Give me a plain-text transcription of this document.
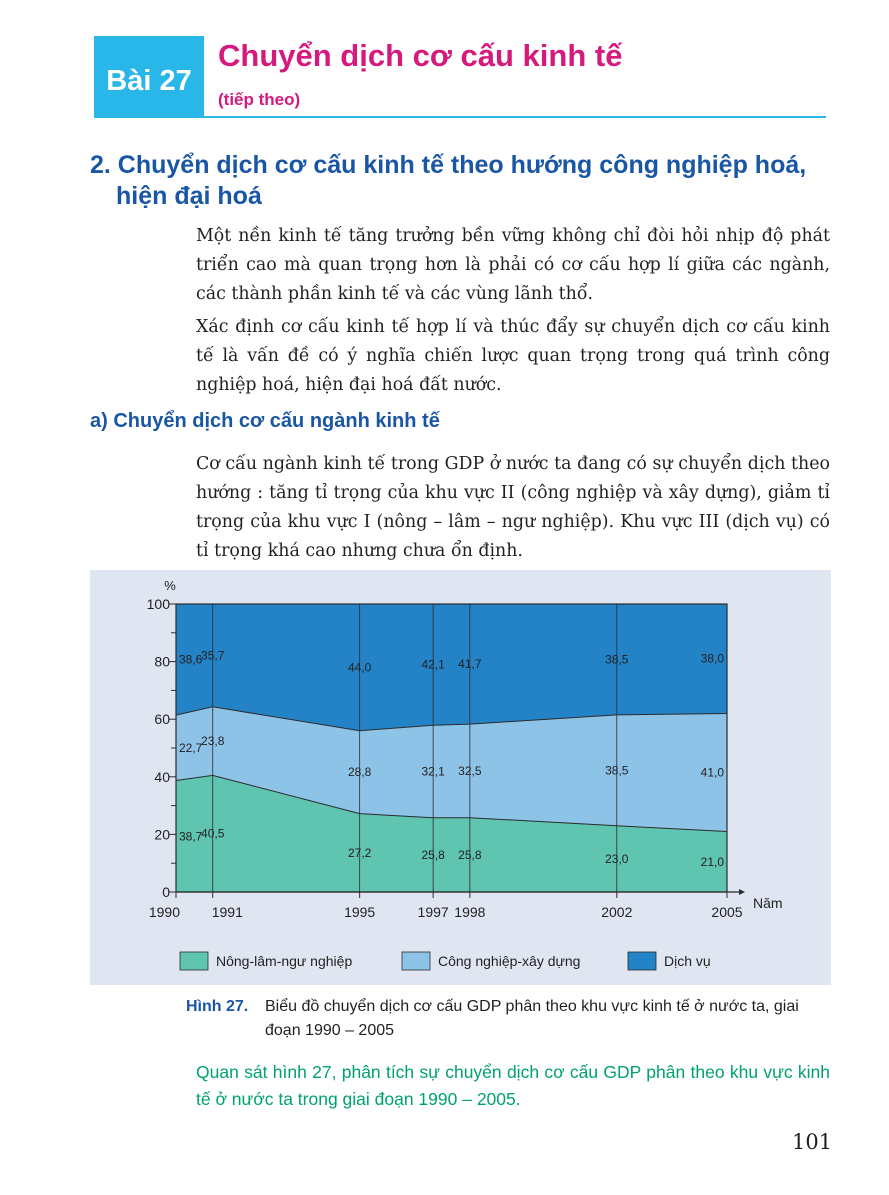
Bài 27
Chuyển dịch cơ cấu kinh tế
(tiếp theo)
2. Chuyển dịch cơ cấu kinh tế theo hướng công nghiệp hoá,
hiện đại hoá

Một nền kinh tế tăng trưởng bền vững không chỉ đòi hỏi nhịp độ phát triển cao mà quan trọng hơn là phải có cơ cấu hợp lí giữa các ngành, các thành phần kinh tế và các vùng lãnh thổ.

Xác định cơ cấu kinh tế hợp lí và thúc đẩy sự chuyển dịch cơ cấu kinh tế là vấn đề có ý nghĩa chiến lược quan trọng trong quá trình công nghiệp hoá, hiện đại hoá đất nước.

a) Chuyển dịch cơ cấu ngành kinh tế

Cơ cấu ngành kinh tế trong GDP ở nước ta đang có sự chuyển dịch theo hướng : tăng tỉ trọng của khu vực II (công nghiệp và xây dựng), giảm tỉ trọng của khu vực I (nông – lâm – ngư nghiệp). Khu vực III (dịch vụ) có tỉ trọng khá cao nhưng chưa ổn định.

0
20
40
60
80
100
%
Năm
1990 1991	1995	1997 1998	2002	2005
38,7
40,5
27,2	25,8 25,8	23,0	21,0
22,7
23,8
28,8	32,1 32,5	38,5	41,0
38,6
35,7
44,0	42,1 41,7	38,5	38,0
Nông-lâm-ngư nghiệp	Công nghiệp-xây dựng	Dịch vụ
Hình 27. Biểu đồ chuyển dịch cơ cấu GDP phân theo khu vực kinh tế ở nước ta, giai đoạn 1990 – 2005

Quan sát hình 27, phân tích sự chuyển dịch cơ cấu GDP phân theo khu vực kinh tế ở nước ta trong giai đoạn 1990 – 2005.

101
